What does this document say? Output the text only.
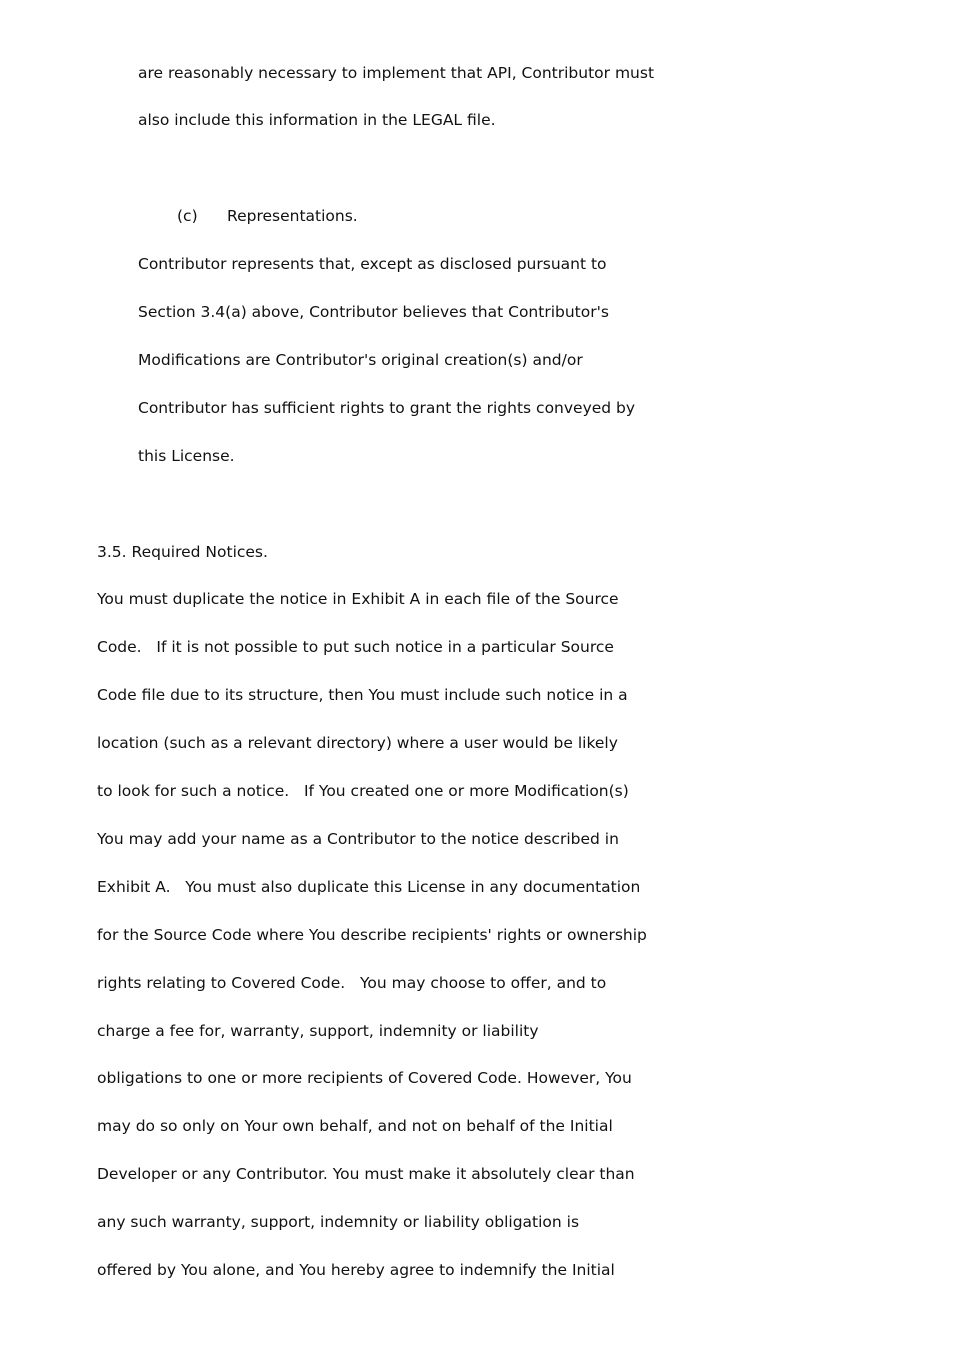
are reasonably necessary to implement that API, Contributor must

also include this information in the LEGAL file.

(c) Representations.

Contributor represents that, except as disclosed pursuant to

Section 3.4(a) above, Contributor believes that Contributor's

Modifications are Contributor's original creation(s) and/or

Contributor has sufficient rights to grant the rights conveyed by

this License.

3.5. Required Notices.

You must duplicate the notice in Exhibit A in each file of the Source

Code.   If it is not possible to put such notice in a particular Source

Code file due to its structure, then You must include such notice in a

location (such as a relevant directory) where a user would be likely

to look for such a notice.   If You created one or more Modification(s)

You may add your name as a Contributor to the notice described in

Exhibit A.   You must also duplicate this License in any documentation

for the Source Code where You describe recipients' rights or ownership

rights relating to Covered Code.   You may choose to offer, and to

charge a fee for, warranty, support, indemnity or liability

obligations to one or more recipients of Covered Code. However, You

may do so only on Your own behalf, and not on behalf of the Initial

Developer or any Contributor. You must make it absolutely clear than

any such warranty, support, indemnity or liability obligation is

offered by You alone, and You hereby agree to indemnify the Initial
